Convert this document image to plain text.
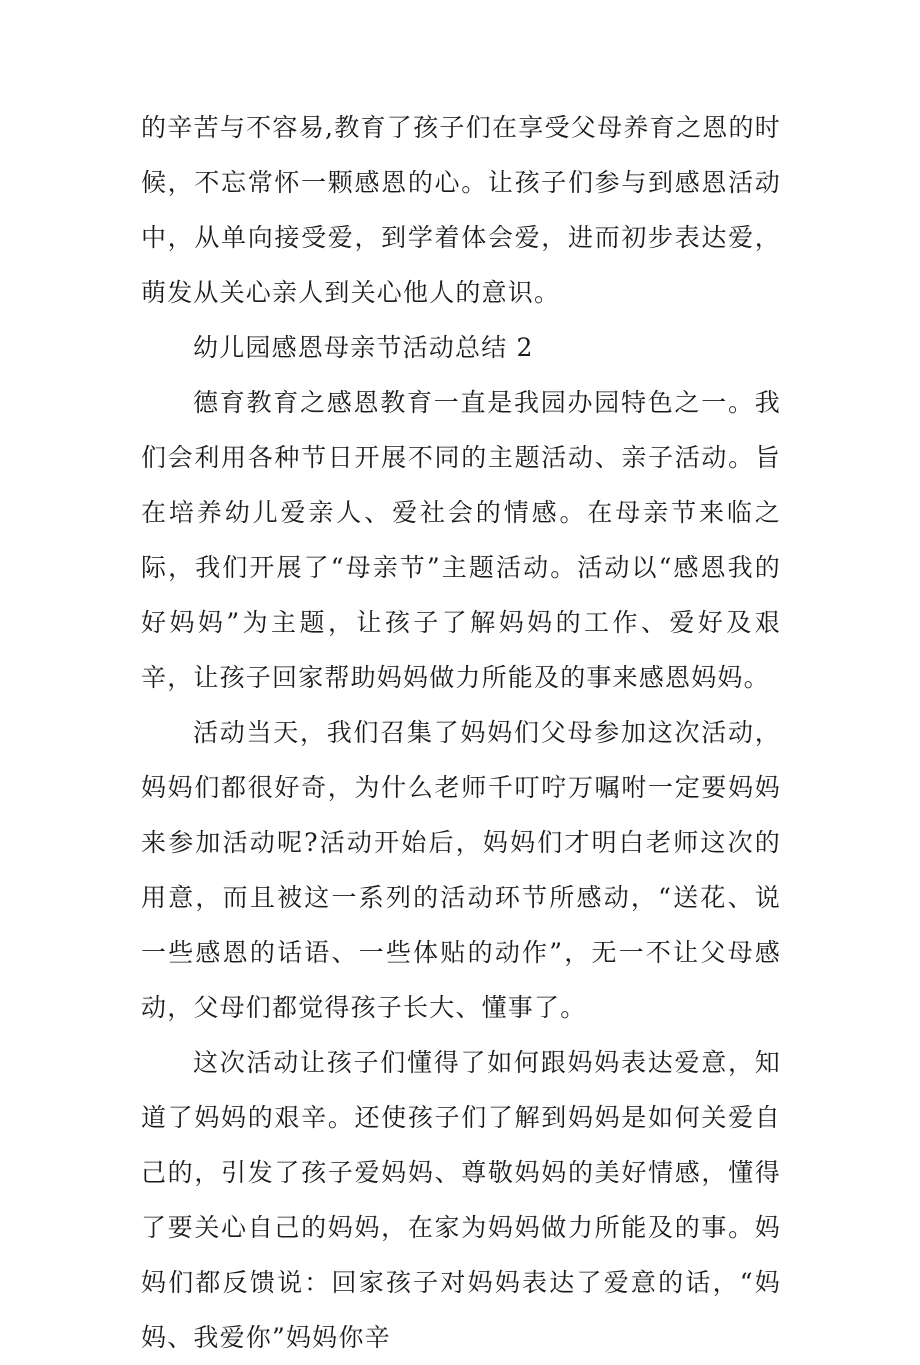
的辛苦与不容易,教育了孩子们在享受父母养育之恩的时候，不忘常怀一颗感恩的心。让孩子们参与到感恩活动中，从单向接受爱，到学着体会爱，进而初步表达爱，萌发从关心亲人到关心他人的意识。

幼儿园感恩母亲节活动总结 2

德育教育之感恩教育一直是我园办园特色之一。我们会利用各种节日开展不同的主题活动、亲子活动。旨在培养幼儿爱亲人、爱社会的情感。在母亲节来临之际，我们开展了“母亲节”主题活动。活动以“感恩我的好妈妈”为主题，让孩子了解妈妈的工作、爱好及艰辛，让孩子回家帮助妈妈做力所能及的事来感恩妈妈。

活动当天，我们召集了妈妈们父母参加这次活动，妈妈们都很好奇，为什么老师千叮咛万嘱咐一定要妈妈来参加活动呢?活动开始后，妈妈们才明白老师这次的用意，而且被这一系列的活动环节所感动，“送花、说一些感恩的话语、一些体贴的动作”，无一不让父母感动，父母们都觉得孩子长大、懂事了。

这次活动让孩子们懂得了如何跟妈妈表达爱意，知道了妈妈的艰辛。还使孩子们了解到妈妈是如何关爱自己的，引发了孩子爱妈妈、尊敬妈妈的美好情感，懂得了要关心自己的妈妈，在家为妈妈做力所能及的事。妈妈们都反馈说：回家孩子对妈妈表达了爱意的话，“妈妈、我爱你”妈妈你辛
